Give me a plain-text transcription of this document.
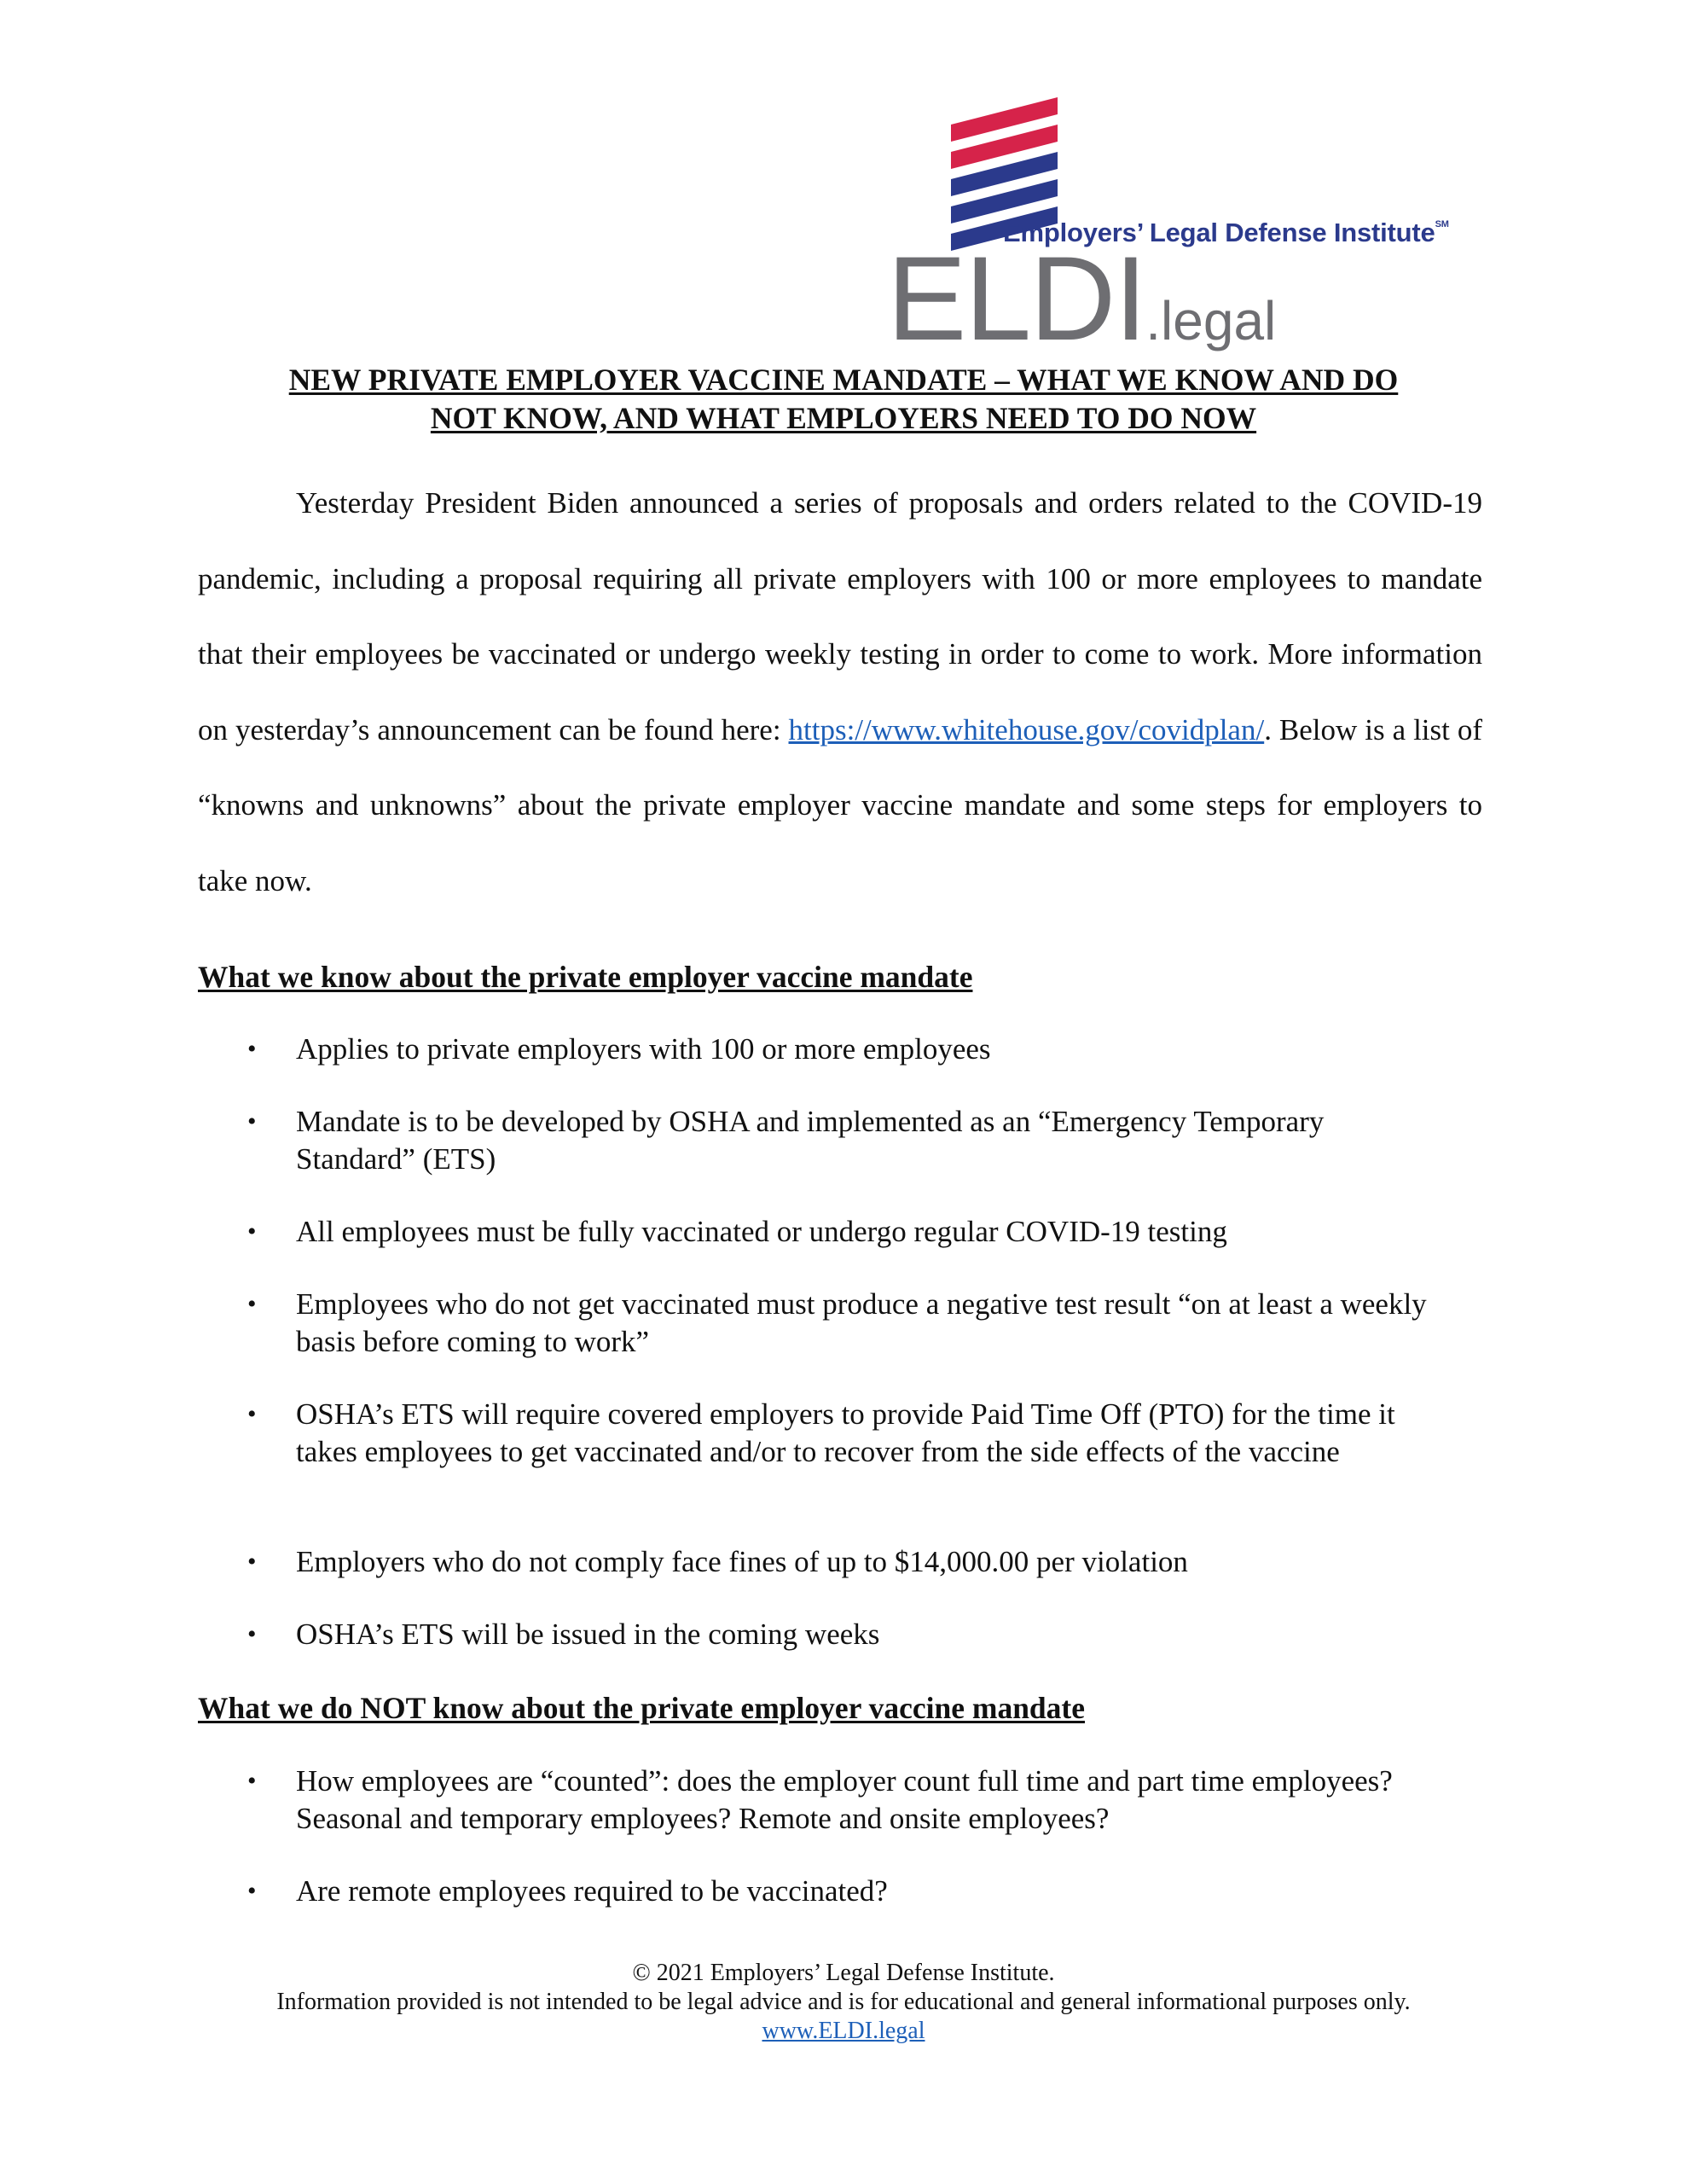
Employers’ Legal Defense Institute℠
ELDI.legal
NEW PRIVATE EMPLOYER VACCINE MANDATE – WHAT WE KNOW AND DO
NOT KNOW, AND WHAT EMPLOYERS NEED TO DO NOW

Yesterday President Biden announced a series of proposals and orders related to the COVID-19 pandemic, including a proposal requiring all private employers with 100 or more employees to mandate that their employees be vaccinated or undergo weekly testing in order to come to work. More information on yesterday’s announcement can be found here: https://www.whitehouse.gov/covidplan/. Below is a list of “knowns and unknowns” about the private employer vaccine mandate and some steps for employers to take now.

What we know about the private employer vaccine mandate
• Applies to private employers with 100 or more employees
• Mandate is to be developed by OSHA and implemented as an “Emergency Temporary Standard” (ETS)
• All employees must be fully vaccinated or undergo regular COVID-19 testing
• Employees who do not get vaccinated must produce a negative test result “on at least a weekly basis before coming to work”
• OSHA’s ETS will require covered employers to provide Paid Time Off (PTO) for the time it takes employees to get vaccinated and/or to recover from the side effects of the vaccine
• Employers who do not comply face fines of up to $14,000.00 per violation
• OSHA’s ETS will be issued in the coming weeks
What we do NOT know about the private employer vaccine mandate
• How employees are “counted”: does the employer count full time and part time employees? Seasonal and temporary employees? Remote and onsite employees?
• Are remote employees required to be vaccinated?
© 2021 Employers’ Legal Defense Institute.
Information provided is not intended to be legal advice and is for educational and general informational purposes only.
www.ELDI.legal
